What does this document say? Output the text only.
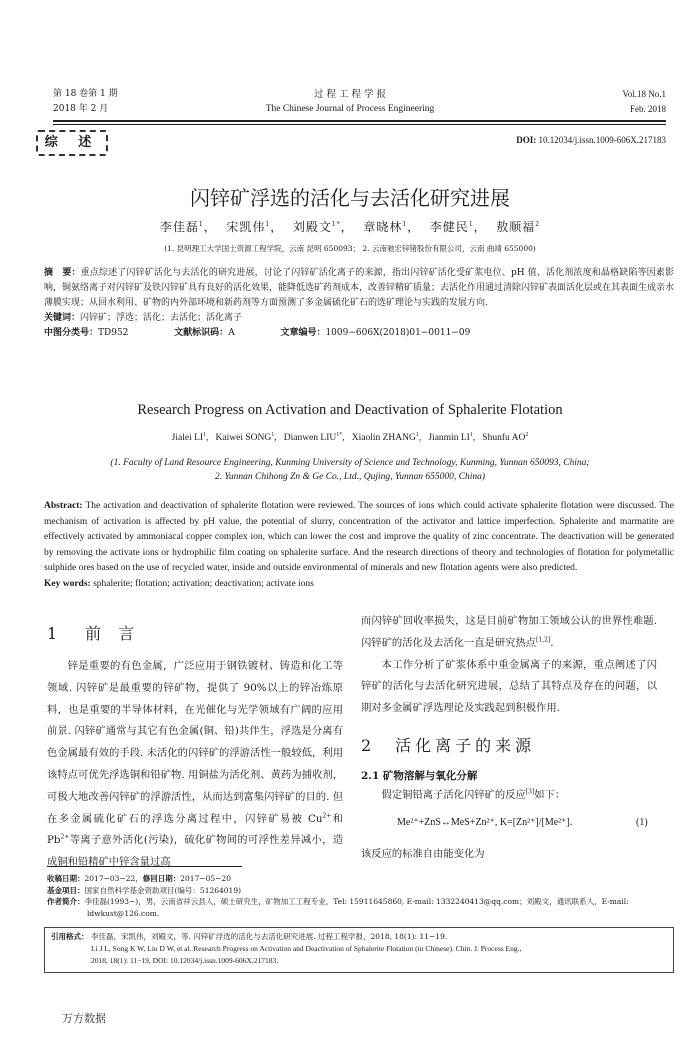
第 18 卷第 1 期
2018 年 2 月
过 程 工 程 学 报
The Chinese Journal of Process Engineering
Vol.18 No.1
Feb. 2018
综 述	DOI: 10.12034/j.issn.1009-606X.217183
闪锌矿浮选的活化与去活化研究进展
李佳磊$^1$，  宋凯伟$^1$，  刘殿文$^{1*}$，  章晓林$^1$，  李健民$^1$，  敖顺福$^2$
(1. 昆明理工大学国土资源工程学院，云南 昆明 650093； 2. 云南驰宏锌锗股份有限公司，云南 曲靖 655000)
摘　要：重点综述了闪锌矿活化与去活化的研究进展，讨论了闪锌矿活化离子的来源，指出闪锌矿活化受矿浆电位、pH 值、活化剂浓度和晶格缺陷等因素影响，铜氨络离子对闪锌矿及铁闪锌矿具有良好的活化效果，能降低选矿药剂成本，改善锌精矿质量；去活化作用通过清除闪锌矿表面活化层或在其表面生成亲水薄膜实现；从回水利用、矿物的内外部环境和新药剂等方面预测了多金属硫化矿石的选矿理论与实践的发展方向.
关键词：闪锌矿；浮选；活化；去活化；活化离子
中图分类号：TD952	文献标识码：A	文章编号：1009−606X(2018)01−0011−09
Research Progress on Activation and Deactivation of Sphalerite Flotation
Jialei $LI^1$,   Kaiwei SONG$^1$,   Dianwen $LIU^{1*}$,   Xiaolin ZHANG$^1$,   Jianmin $LI^1$,   Shunfu $AO^2$
(1. Faculty of Land Resource Engineering, Kunming University of Science and Technology, Kunming, Yunnan 650093, China;
2. Yunnan Chihong Zn & Ge Co., Ltd., Qujing, Yunnan 655000, China)
Abstract: The activation and deactivation of sphalerite flotation were reviewed. The sources of ions which could activate sphalerite flotation were discussed. The mechanism of activation is affected by pH value, the potential of slurry, concentration of the activator and lattice imperfection. Sphalerite and marmatite are effectively activated by ammoniacal copper complex ion, which can lower the cost and improve the quality of zinc concentrate. The deactivation will be generated by removing the activate ions or hydrophilic film coating on sphalerite surface. And the research directions of theory and technologies of flotation for polymetallic sulphide ores based on the use of recycled water, inside and outside environmental of minerals and new flotation agents were also predicted.
Key words: sphalerite; flotation; activation; deactivation; activate ions
1　前 言
锌是重要的有色金属，广泛应用于钢铁镀材、铸造和化工等领域. 闪锌矿是最重要的锌矿物，提供了 90%以上的锌冶炼原料，也是重要的半导体材料，在光催化与光学领域有广阔的应用前景. 闪锌矿通常与其它有色金属(铜、铅)共伴生，浮选是分离有色金属最有效的手段. 未活化的闪锌矿的浮游活性一般较低，利用该特点可优先浮选铜和铅矿物. 用铜盐为活化剂、黄药为捕收剂，可极大地改善闪锌矿的浮游活性，从而达到富集闪锌矿的目的. 但在多金属硫化矿石的浮选分离过程中，闪锌矿易被 $Cu^{2+}$和 $Pb^{2+}$等离子意外活化(污染)，硫化矿物间的可浮性差异减小，造成铜和铅精矿中锌含量过高
而闪锌矿回收率损失，这是目前矿物加工领域公认的世界性难题. 闪锌矿的活化及去活化一直是研究热点[1,2].
本工作分析了矿浆体系中重金属离子的来源，重点阐述了闪锌矿的活化与去活化研究进展，总结了其特点及存在的问题，以期对多金属矿浮选理论及实践起到积极作用.
2　活化离子的来源
2.1 矿物溶解与氧化分解
假定铜铅离子活化闪锌矿的反应[3]如下：
Me²⁺+ZnS↔MeS+Zn²⁺, K=[Zn²⁺]/[Me²⁺].	(1)
该反应的标准自由能变化为
收稿日期：2017−03−22，修回日期：2017−05−20
基金项目：国家自然科学基金资助项目(编号：51264019)
作者简介：李佳磊(1993−)，男，云南省祥云县人，硕士研究生，矿物加工工程专业，Tel: 15911645860, E-mail: 1332240413@qq.com；刘殿文，通讯联系人，E-mail: ldwkust@126.com.
引用格式： 李佳磊，宋凯伟，刘殿文，等. 闪锌矿浮选的活化与去活化研究进展. 过程工程学报，2018, 18(1): 11−19.
Li J L, Song K W, Liu D W, et al. Research Progress on Activation and Deactivation of Sphalerite Flotation (in Chinese). Chin. J. Process Eng.,
2018, 18(1): 11−19, DOI: 10.12034/j.issn.1009-606X.217183.
万方数据
